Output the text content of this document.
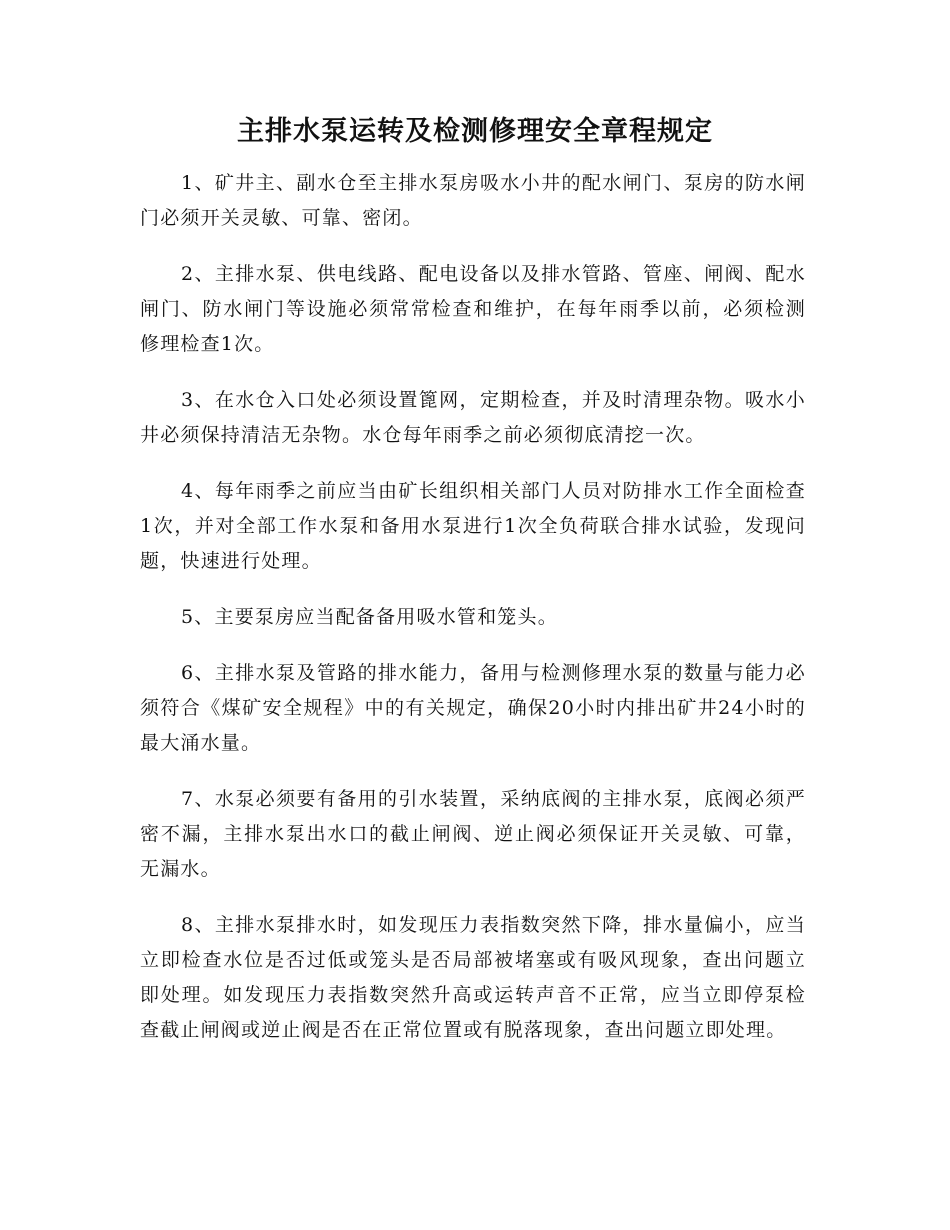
主排水泵运转及检测修理安全章程规定

1、矿井主、副水仓至主排水泵房吸水小井的配水闸门、泵房的防水闸门必须开关灵敏、可靠、密闭。

2、主排水泵、供电线路、配电设备以及排水管路、管座、闸阀、配水闸门、防水闸门等设施必须常常检查和维护，在每年雨季以前，必须检测修理检查1次。

3、在水仓入口处必须设置篦网，定期检查，并及时清理杂物。吸水小井必须保持清洁无杂物。水仓每年雨季之前必须彻底清挖一次。

4、每年雨季之前应当由矿长组织相关部门人员对防排水工作全面检查1次，并对全部工作水泵和备用水泵进行1次全负荷联合排水试验，发现问题，快速进行处理。

5、主要泵房应当配备备用吸水管和笼头。

6、主排水泵及管路的排水能力，备用与检测修理水泵的数量与能力必须符合《煤矿安全规程》中的有关规定，确保20小时内排出矿井24小时的最大涌水量。

7、水泵必须要有备用的引水装置，采纳底阀的主排水泵，底阀必须严密不漏，主排水泵出水口的截止闸阀、逆止阀必须保证开关灵敏、可靠，无漏水。

8、主排水泵排水时，如发现压力表指数突然下降，排水量偏小，应当立即检查水位是否过低或笼头是否局部被堵塞或有吸风现象，查出问题立即处理。如发现压力表指数突然升高或运转声音不正常，应当立即停泵检查截止闸阀或逆止阀是否在正常位置或有脱落现象，查出问题立即处理。
